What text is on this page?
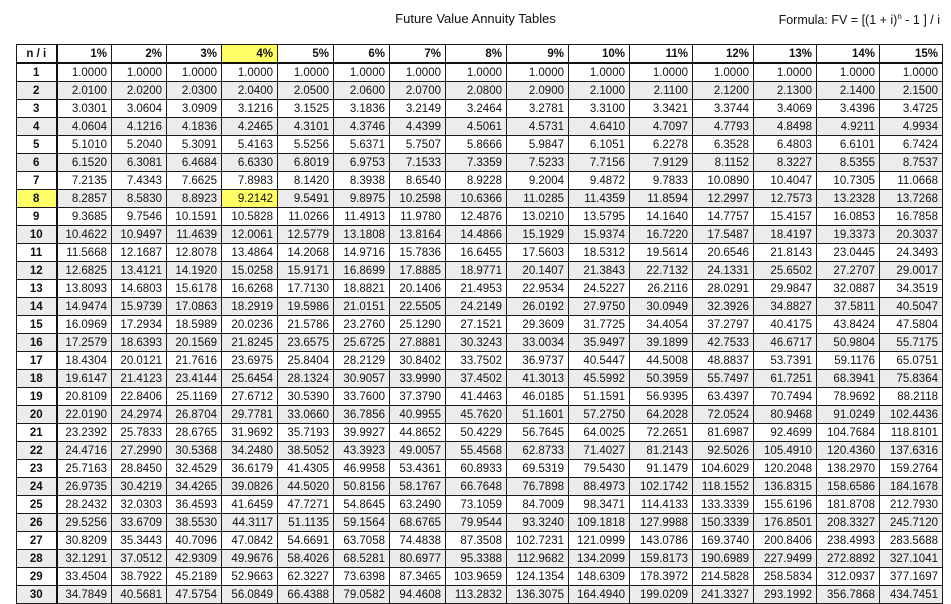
Future Value Annuity Tables	Formula: FV = [$(1 + i)^n - 1$ ] / i
n / i	1%	2%	3%	4%	5%	6%	7%	8%	9%	10%	11%	12%	13%	14%	15%
1	1.0000	1.0000	1.0000	1.0000	1.0000	1.0000	1.0000	1.0000	1.0000	1.0000	1.0000	1.0000	1.0000	1.0000	1.0000
2	2.0100	2.0200	2.0300	2.0400	2.0500	2.0600	2.0700	2.0800	2.0900	2.1000	2.1100	2.1200	2.1300	2.1400	2.1500
3	3.0301	3.0604	3.0909	3.1216	3.1525	3.1836	3.2149	3.2464	3.2781	3.3100	3.3421	3.3744	3.4069	3.4396	3.4725
4	4.0604	4.1216	4.1836	4.2465	4.3101	4.3746	4.4399	4.5061	4.5731	4.6410	4.7097	4.7793	4.8498	4.9211	4.9934
5	5.1010	5.2040	5.3091	5.4163	5.5256	5.6371	5.7507	5.8666	5.9847	6.1051	6.2278	6.3528	6.4803	6.6101	6.7424
6	6.1520	6.3081	6.4684	6.6330	6.8019	6.9753	7.1533	7.3359	7.5233	7.7156	7.9129	8.1152	8.3227	8.5355	8.7537
7	7.2135	7.4343	7.6625	7.8983	8.1420	8.3938	8.6540	8.9228	9.2004	9.4872	9.7833	10.0890	10.4047	10.7305	11.0668
8	8.2857	8.5830	8.8923	9.2142	9.5491	9.8975	10.2598	10.6366	11.0285	11.4359	11.8594	12.2997	12.7573	13.2328	13.7268
9	9.3685	9.7546	10.1591	10.5828	11.0266	11.4913	11.9780	12.4876	13.0210	13.5795	14.1640	14.7757	15.4157	16.0853	16.7858
10	10.4622	10.9497	11.4639	12.0061	12.5779	13.1808	13.8164	14.4866	15.1929	15.9374	16.7220	17.5487	18.4197	19.3373	20.3037
11	11.5668	12.1687	12.8078	13.4864	14.2068	14.9716	15.7836	16.6455	17.5603	18.5312	19.5614	20.6546	21.8143	23.0445	24.3493
12	12.6825	13.4121	14.1920	15.0258	15.9171	16.8699	17.8885	18.9771	20.1407	21.3843	22.7132	24.1331	25.6502	27.2707	29.0017
13	13.8093	14.6803	15.6178	16.6268	17.7130	18.8821	20.1406	21.4953	22.9534	24.5227	26.2116	28.0291	29.9847	32.0887	34.3519
14	14.9474	15.9739	17.0863	18.2919	19.5986	21.0151	22.5505	24.2149	26.0192	27.9750	30.0949	32.3926	34.8827	37.5811	40.5047
15	16.0969	17.2934	18.5989	20.0236	21.5786	23.2760	25.1290	27.1521	29.3609	31.7725	34.4054	37.2797	40.4175	43.8424	47.5804
16	17.2579	18.6393	20.1569	21.8245	23.6575	25.6725	27.8881	30.3243	33.0034	35.9497	39.1899	42.7533	46.6717	50.9804	55.7175
17	18.4304	20.0121	21.7616	23.6975	25.8404	28.2129	30.8402	33.7502	36.9737	40.5447	44.5008	48.8837	53.7391	59.1176	65.0751
18	19.6147	21.4123	23.4144	25.6454	28.1324	30.9057	33.9990	37.4502	41.3013	45.5992	50.3959	55.7497	61.7251	68.3941	75.8364
19	20.8109	22.8406	25.1169	27.6712	30.5390	33.7600	37.3790	41.4463	46.0185	51.1591	56.9395	63.4397	70.7494	78.9692	88.2118
20	22.0190	24.2974	26.8704	29.7781	33.0660	36.7856	40.9955	45.7620	51.1601	57.2750	64.2028	72.0524	80.9468	91.0249	102.4436
21	23.2392	25.7833	28.6765	31.9692	35.7193	39.9927	44.8652	50.4229	56.7645	64.0025	72.2651	81.6987	92.4699	104.7684	118.8101
22	24.4716	27.2990	30.5368	34.2480	38.5052	43.3923	49.0057	55.4568	62.8733	71.4027	81.2143	92.5026	105.4910	120.4360	137.6316
23	25.7163	28.8450	32.4529	36.6179	41.4305	46.9958	53.4361	60.8933	69.5319	79.5430	91.1479	104.6029	120.2048	138.2970	159.2764
24	26.9735	30.4219	34.4265	39.0826	44.5020	50.8156	58.1767	66.7648	76.7898	88.4973	102.1742	118.1552	136.8315	158.6586	184.1678
25	28.2432	32.0303	36.4593	41.6459	47.7271	54.8645	63.2490	73.1059	84.7009	98.3471	114.4133	133.3339	155.6196	181.8708	212.7930
26	29.5256	33.6709	38.5530	44.3117	51.1135	59.1564	68.6765	79.9544	93.3240	109.1818	127.9988	150.3339	176.8501	208.3327	245.7120
27	30.8209	35.3443	40.7096	47.0842	54.6691	63.7058	74.4838	87.3508	102.7231	121.0999	143.0786	169.3740	200.8406	238.4993	283.5688
28	32.1291	37.0512	42.9309	49.9676	58.4026	68.5281	80.6977	95.3388	112.9682	134.2099	159.8173	190.6989	227.9499	272.8892	327.1041
29	33.4504	38.7922	45.2189	52.9663	62.3227	73.6398	87.3465	103.9659	124.1354	148.6309	178.3972	214.5828	258.5834	312.0937	377.1697
30	34.7849	40.5681	47.5754	56.0849	66.4388	79.0582	94.4608	113.2832	136.3075	164.4940	199.0209	241.3327	293.1992	356.7868	434.7451
